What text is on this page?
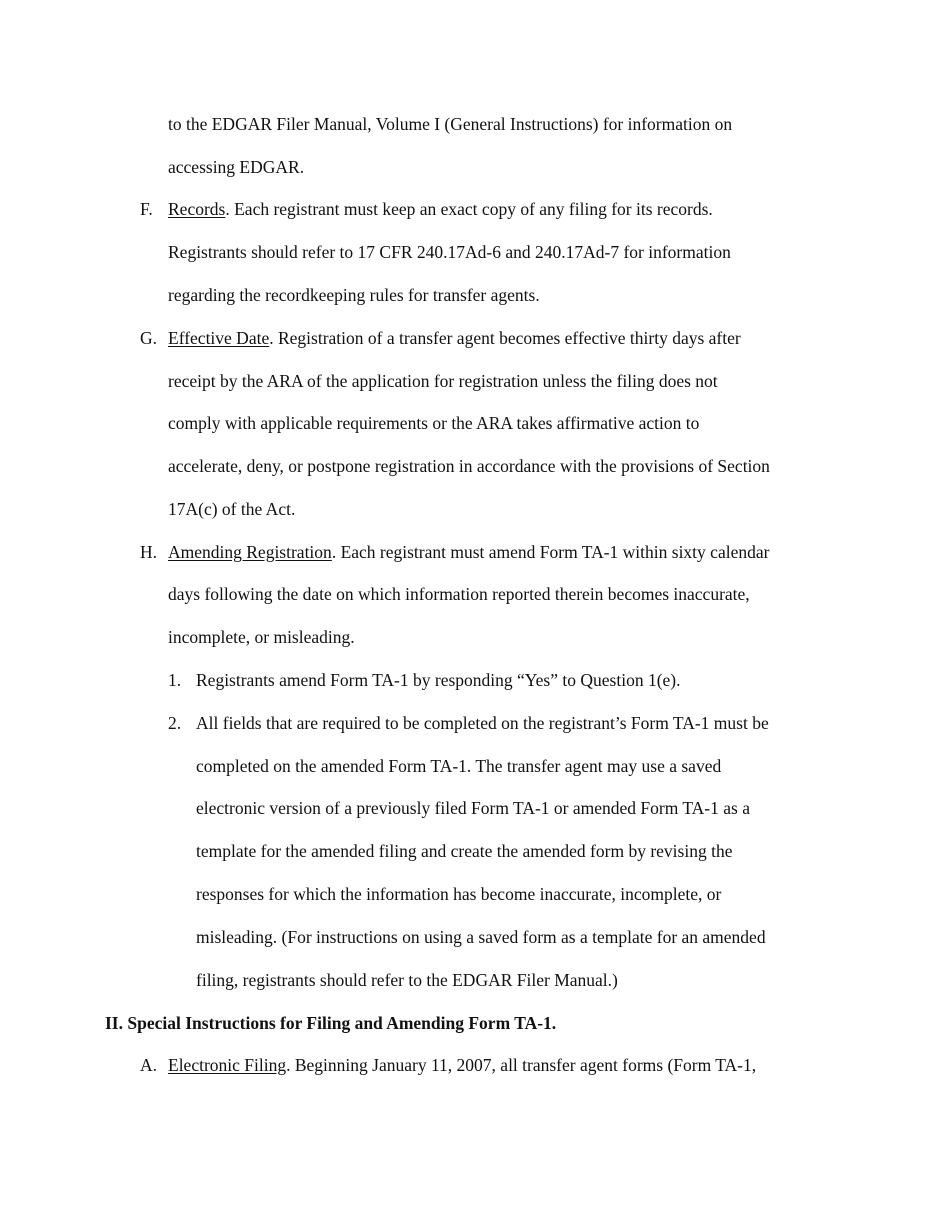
to the EDGAR Filer Manual, Volume I (General Instructions) for information on
accessing EDGAR.
F. Records. Each registrant must keep an exact copy of any filing for its records.
Registrants should refer to 17 CFR 240.17Ad-6 and 240.17Ad-7 for information
regarding the recordkeeping rules for transfer agents.
G. Effective Date. Registration of a transfer agent becomes effective thirty days after
receipt by the ARA of the application for registration unless the filing does not
comply with applicable requirements or the ARA takes affirmative action to
accelerate, deny, or postpone registration in accordance with the provisions of Section
17A(c) of the Act.
H. Amending Registration. Each registrant must amend Form TA-1 within sixty calendar
days following the date on which information reported therein becomes inaccurate,
incomplete, or misleading.
1. Registrants amend Form TA-1 by responding “Yes” to Question 1(e).
2. All fields that are required to be completed on the registrant’s Form TA-1 must be
completed on the amended Form TA-1. The transfer agent may use a saved
electronic version of a previously filed Form TA-1 or amended Form TA-1 as a
template for the amended filing and create the amended form by revising the
responses for which the information has become inaccurate, incomplete, or
misleading. (For instructions on using a saved form as a template for an amended
filing, registrants should refer to the EDGAR Filer Manual.)
II. Special Instructions for Filing and Amending Form TA-1.
A. Electronic Filing. Beginning January 11, 2007, all transfer agent forms (Form TA-1,
